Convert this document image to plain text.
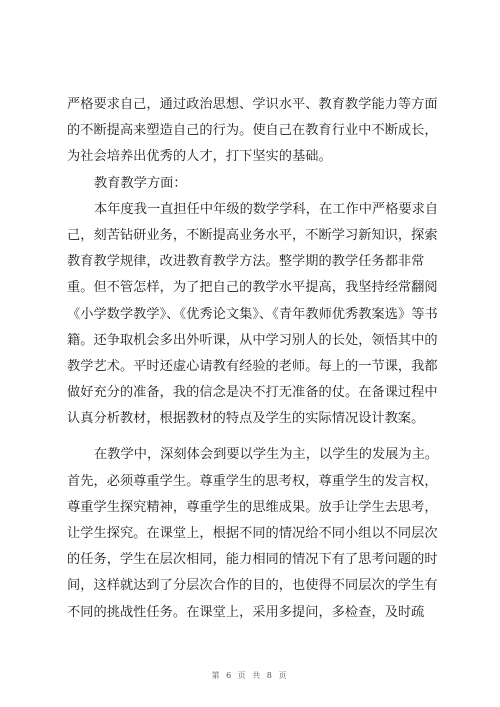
严格要求自己，通过政治思想、学识水平、教育教学能力等方面
的不断提高来塑造自己的行为。使自己在教育行业中不断成长，
为社会培养出优秀的人才，打下坚实的基础。
教育教学方面：
本年度我一直担任中年级的数学学科，在工作中严格要求自
己，刻苦钻研业务，不断提高业务水平，不断学习新知识，探索
教育教学规律，改进教育教学方法。整学期的教学任务都非常
重。但不管怎样，为了把自己的教学水平提高，我坚持经常翻阅
《小学数学教学》、《优秀论文集》、《青年教师优秀教案选》等书
籍。还争取机会多出外听课，从中学习别人的长处，领悟其中的
教学艺术。平时还虚心请教有经验的老师。每上的一节课，我都
做好充分的准备，我的信念是决不打无准备的仗。在备课过程中
认真分析教材，根据教材的特点及学生的实际情况设计教案。
在教学中，深刻体会到要以学生为主，以学生的发展为主。
首先，必须尊重学生。尊重学生的思考权，尊重学生的发言权，
尊重学生探究精神，尊重学生的思维成果。放手让学生去思考，
让学生探究。在课堂上，根据不同的情况给不同小组以不同层次
的任务，学生在层次相同，能力相同的情况下有了思考问题的时
间，这样就达到了分层次合作的目的，也使得不同层次的学生有
不同的挑战性任务。在课堂上，采用多提问，多检查，及时疏
第 6 页 共 8 页
